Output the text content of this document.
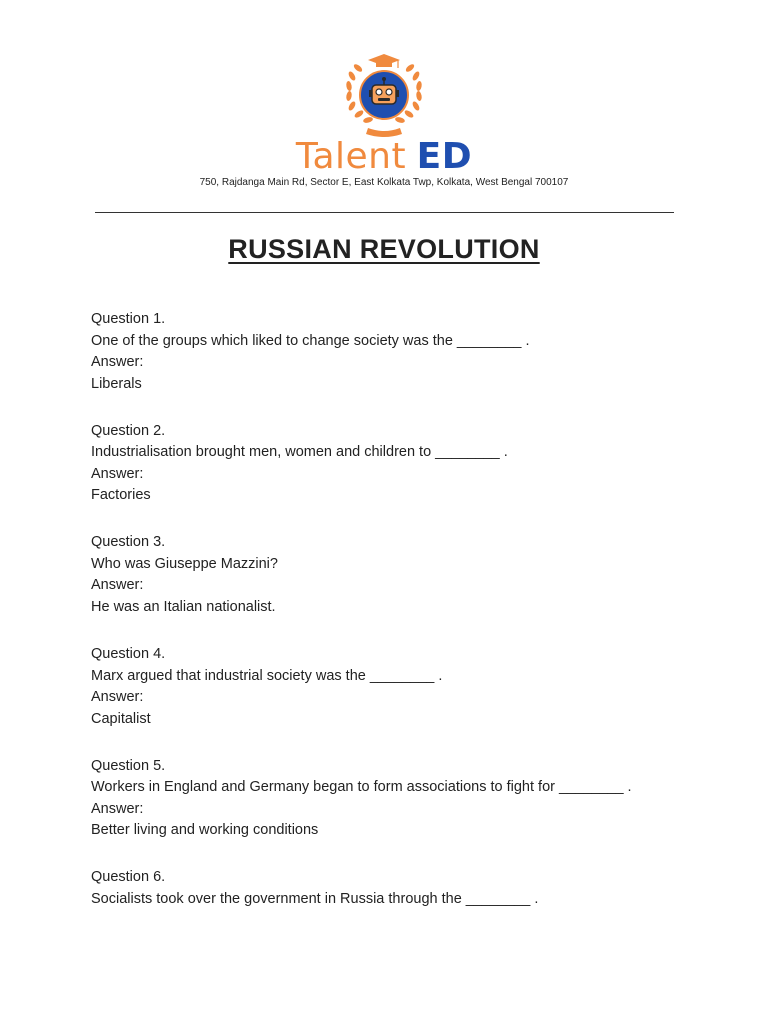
Talent ED
750, Rajdanga Main Rd, Sector E, East Kolkata Twp, Kolkata, West Bengal 700107
RUSSIAN REVOLUTION
Question 1.
One of the groups which liked to change society was the ________ .
Answer:
Liberals
Question 2.
Industrialisation brought men, women and children to ________ .
Answer:
Factories
Question 3.
Who was Giuseppe Mazzini?
Answer:
He was an Italian nationalist.
Question 4.
Marx argued that industrial society was the ________ .
Answer:
Capitalist
Question 5.
Workers in England and Germany began to form associations to fight for ________ .
Answer:
Better living and working conditions
Question 6.
Socialists took over the government in Russia through the ________ .
